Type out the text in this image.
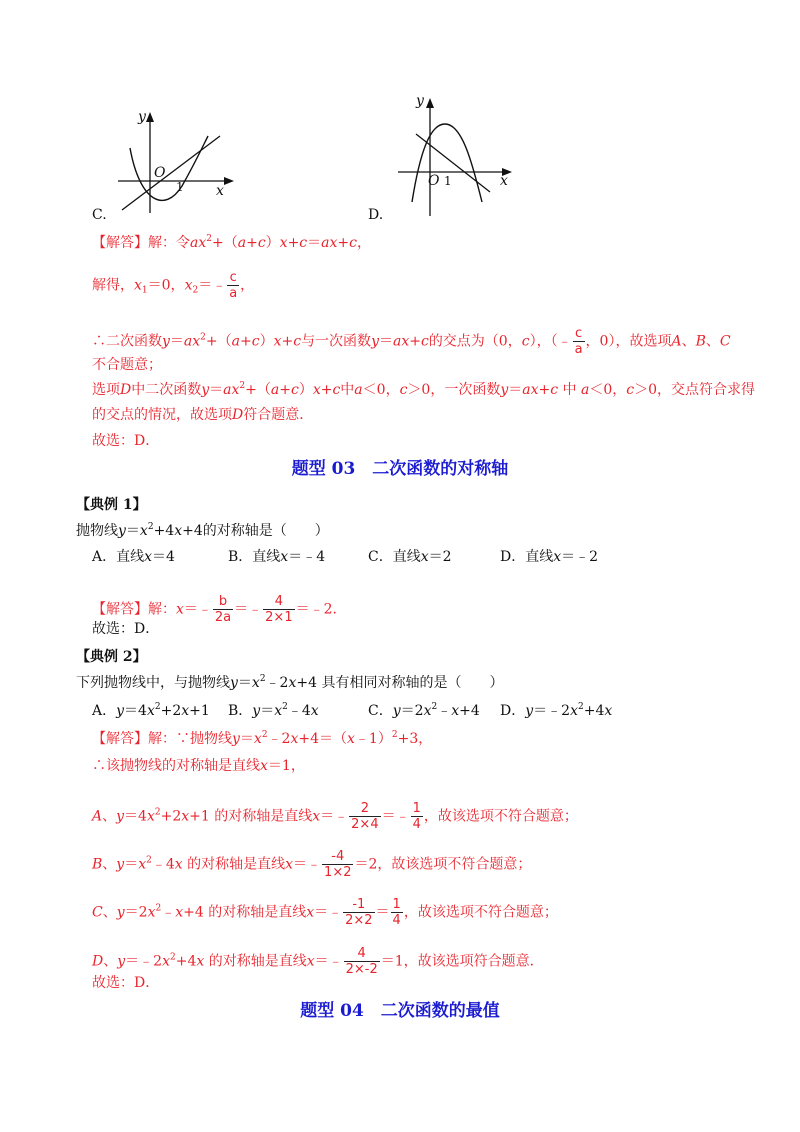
y
O
1 x
C.
y
O 1	x
D.
【解答】解：令$ax^2+(a+c)x+c=ax+c$，
解得，$x_1=0$，$x_2=﹣ \frac{c}{a}$ ，
∴二次函数$y=ax^2+(a+c)x+c$与一次函数y＝ax+c的交点为（0，c），（﹣ $\frac{c}{a}$ ，0），故选项A、B、C
不合题意；
选项D中二次函数$y=ax^2+(a+c)x+c$中a＜0，c＞0，一次函数y＝ax+c 中 a＜0，c＞0，交点符合求得
的交点的情况，故选项D符合题意．
故选：D．
题型 03　二次函数的对称轴
【典例 1】
抛物线$y=x^2+4x+4$的对称轴是（　　）
A．直线x＝4	B．直线x＝﹣4	C．直线x＝2	D．直线x＝﹣2
【解答】解：x＝﹣ $\frac{b}{2a}$ ＝﹣ $\frac{4}{2\times 1}$ ＝﹣2．
故选：D．
【典例 2】
下列抛物线中，与抛物线$y=x^2﹣2x+4$ 具有相同对称轴的是（　　）
A．$y=4x^2+2x+1$ B．$y=x^2﹣4x$	C．$y=2x^2﹣x+4$ D．$y=﹣2x^2+4x$
【解答】解：∵抛物线$y=x^2﹣2x+4=(x﹣1)^2+3$，
∴该抛物线的对称轴是直线x＝1，
A、$y=4x^2+2x+1$ 的对称轴是直线x＝﹣ $\frac{2}{2\times 4}$ ＝﹣ $\frac{1}{4}$ ，故该选项不符合题意；
B、$y=x^2﹣4x$ 的对称轴是直线x＝﹣ $\frac{-4}{1\times 2} =2$，故该选项不符合题意；
C、$y=2x^2﹣x+4$ 的对称轴是直线x＝﹣ $\frac{-1}{2\times 2} = \frac{1}{4}$ ，故该选项不符合题意；
D、$y=﹣2x^2+4x$ 的对称轴是直线x＝﹣ $\frac{4}{2\times-2} =1$，故该选项符合题意．
故选：D．
题型 04　二次函数的最值
